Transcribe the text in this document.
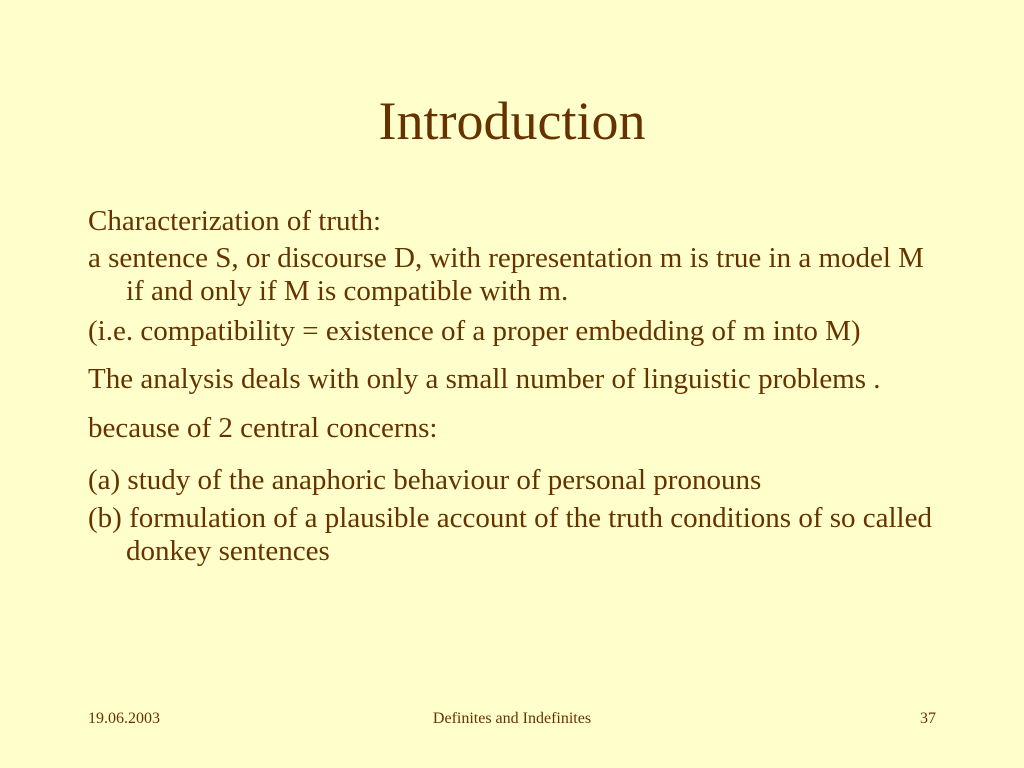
Introduction

Characterization of truth:

a sentence S, or discourse D, with representation m is true in a model M if and only if M is compatible with m.

(i.e. compatibility = existence of a proper embedding of m into M)

The analysis deals with only a small number of linguistic problems .

because of 2 central concerns:

(a) study of the anaphoric behaviour of personal pronouns

(b) formulation of a plausible account of the truth conditions of so called donkey sentences

19.06.2003	Definites and Indefinites	37
